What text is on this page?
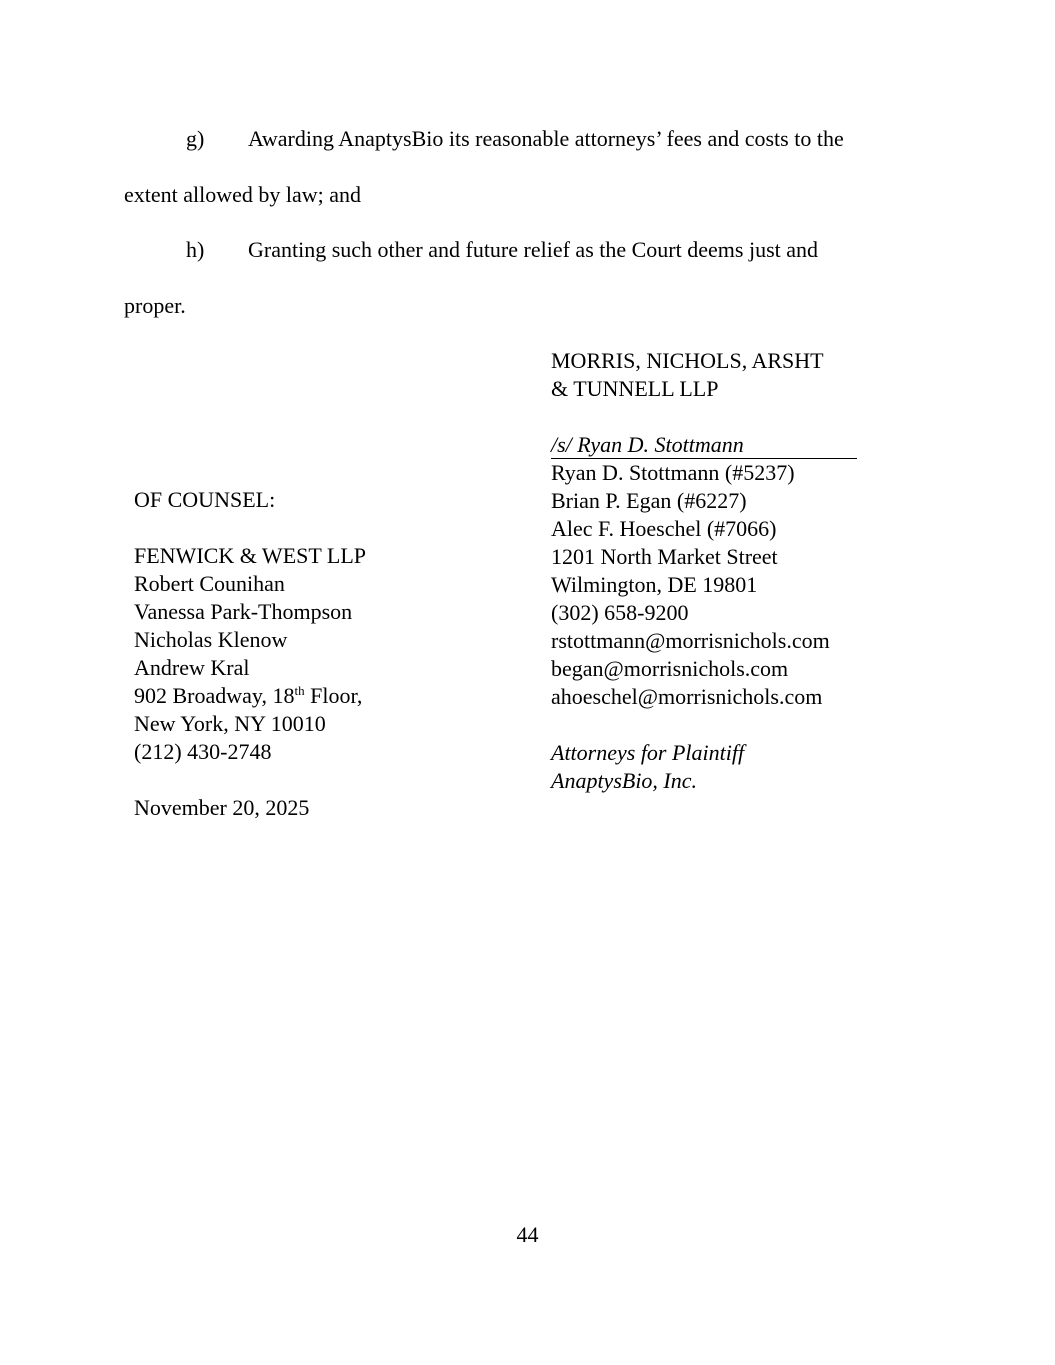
g) Awarding AnaptysBio its reasonable attorneys’ fees and costs to the
extent allowed by law; and
h) Granting such other and future relief as the Court deems just and
proper.
MORRIS, NICHOLS, ARSHT
& TUNNELL LLP
/s/ Ryan D. Stottmann
Ryan D. Stottmann (#5237)
Brian P. Egan (#6227)
Alec F. Hoeschel (#7066)
1201 North Market Street
Wilmington, DE 19801
(302) 658-9200
rstottmann@morrisnichols.com
began@morrisnichols.com
ahoeschel@morrisnichols.com
Attorneys for Plaintiff
AnaptysBio, Inc.
OF COUNSEL:
FENWICK & WEST LLP
Robert Counihan
Vanessa Park-Thompson
Nicholas Klenow
Andrew Kral
902 Broadway, 18th Floor,
New York, NY 10010
(212) 430-2748
November 20, 2025
44
